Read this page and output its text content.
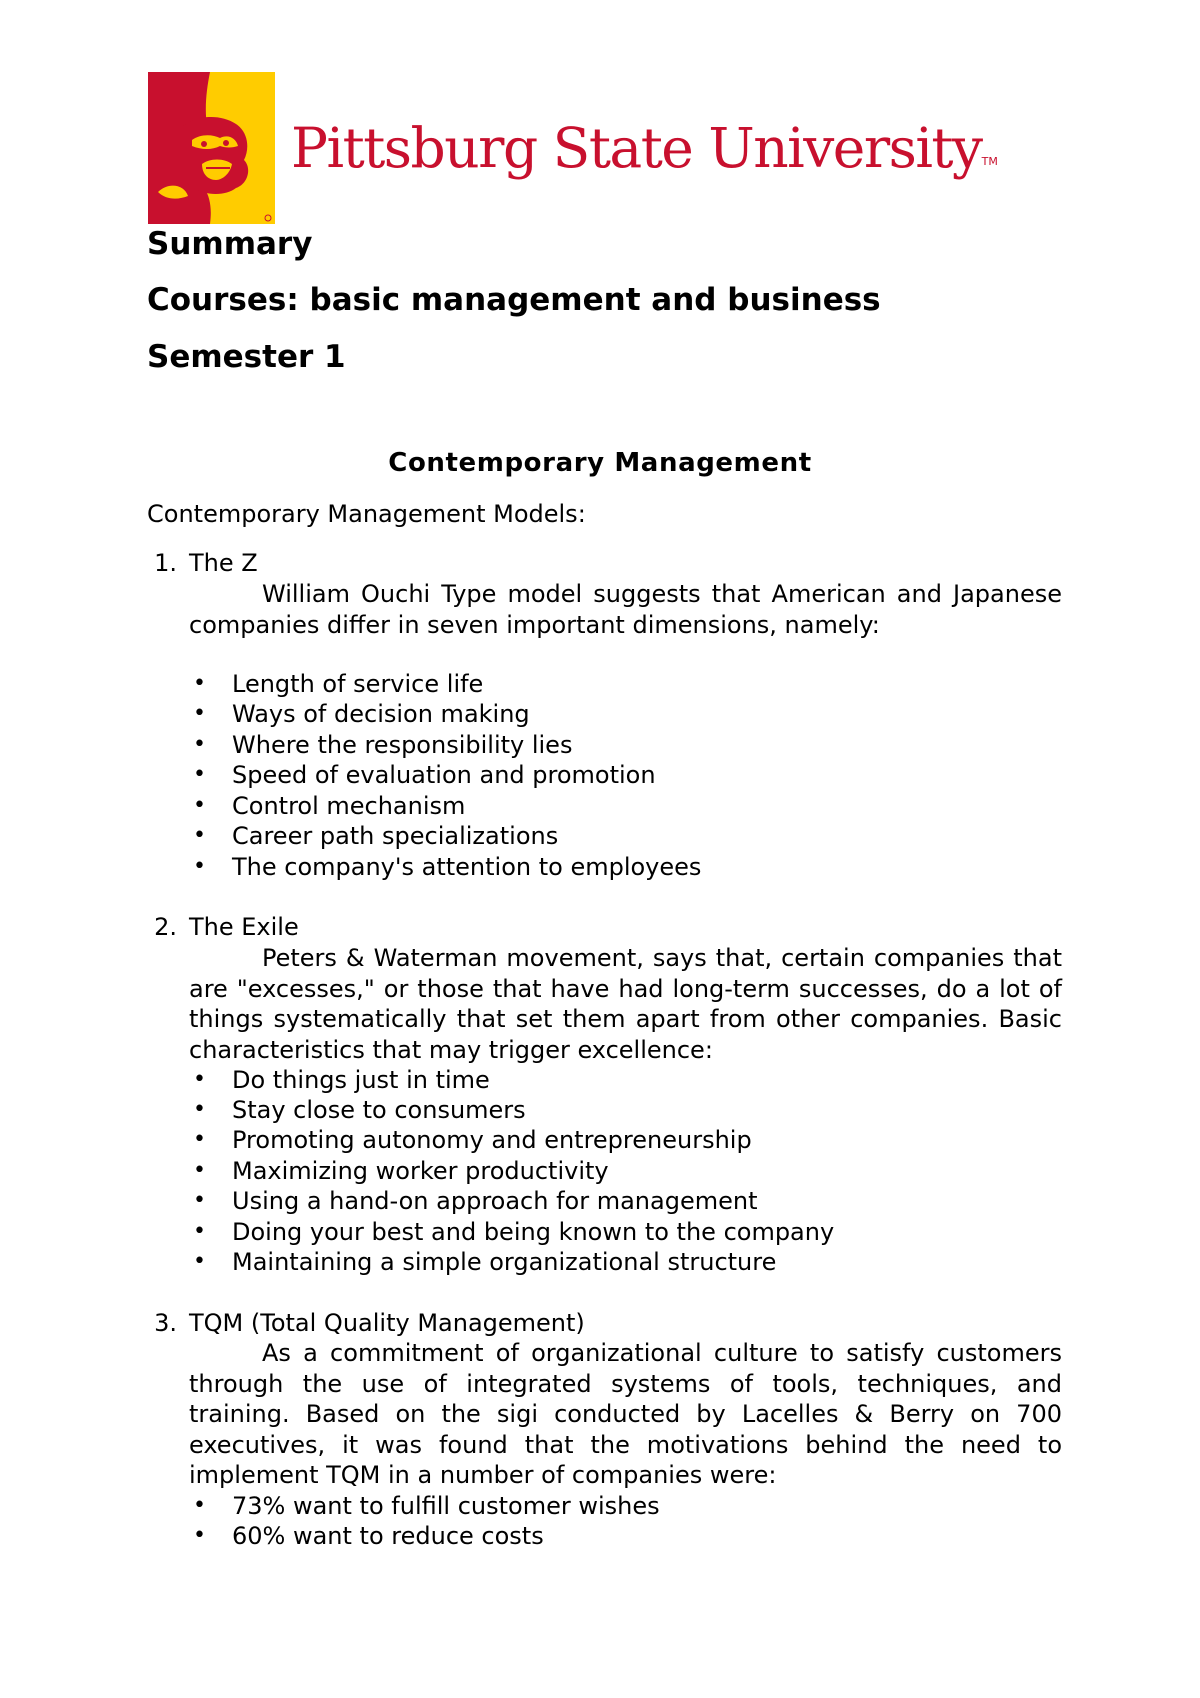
Pittsburg State University™
Summary
Courses: basic management and business
Semester 1
Contemporary Management
Contemporary Management Models:
1. The Z

William Ouchi Type model suggests that American and Japanese companies differ in seven important dimensions, namely:

• Length of service life
• Ways of decision making
• Where the responsibility lies
• Speed of evaluation and promotion
• Control mechanism
• Career path specializations
• The company's attention to employees
2. The Exile

Peters & Waterman movement, says that, certain companies that are "excesses," or those that have had long-term successes, do a lot of things systematically that set them apart from other companies. Basic characteristics that may trigger excellence:

• Do things just in time
• Stay close to consumers
• Promoting autonomy and entrepreneurship
• Maximizing worker productivity
• Using a hand-on approach for management
• Doing your best and being known to the company
• Maintaining a simple organizational structure
3. TQM (Total Quality Management)

As a commitment of organizational culture to satisfy customers through the use of integrated systems of tools, techniques, and training. Based on the sigi conducted by Lacelles & Berry on 700 executives, it was found that the motivations behind the need to implement TQM in a number of companies were:

• 73% want to fulfill customer wishes
• 60% want to reduce costs
